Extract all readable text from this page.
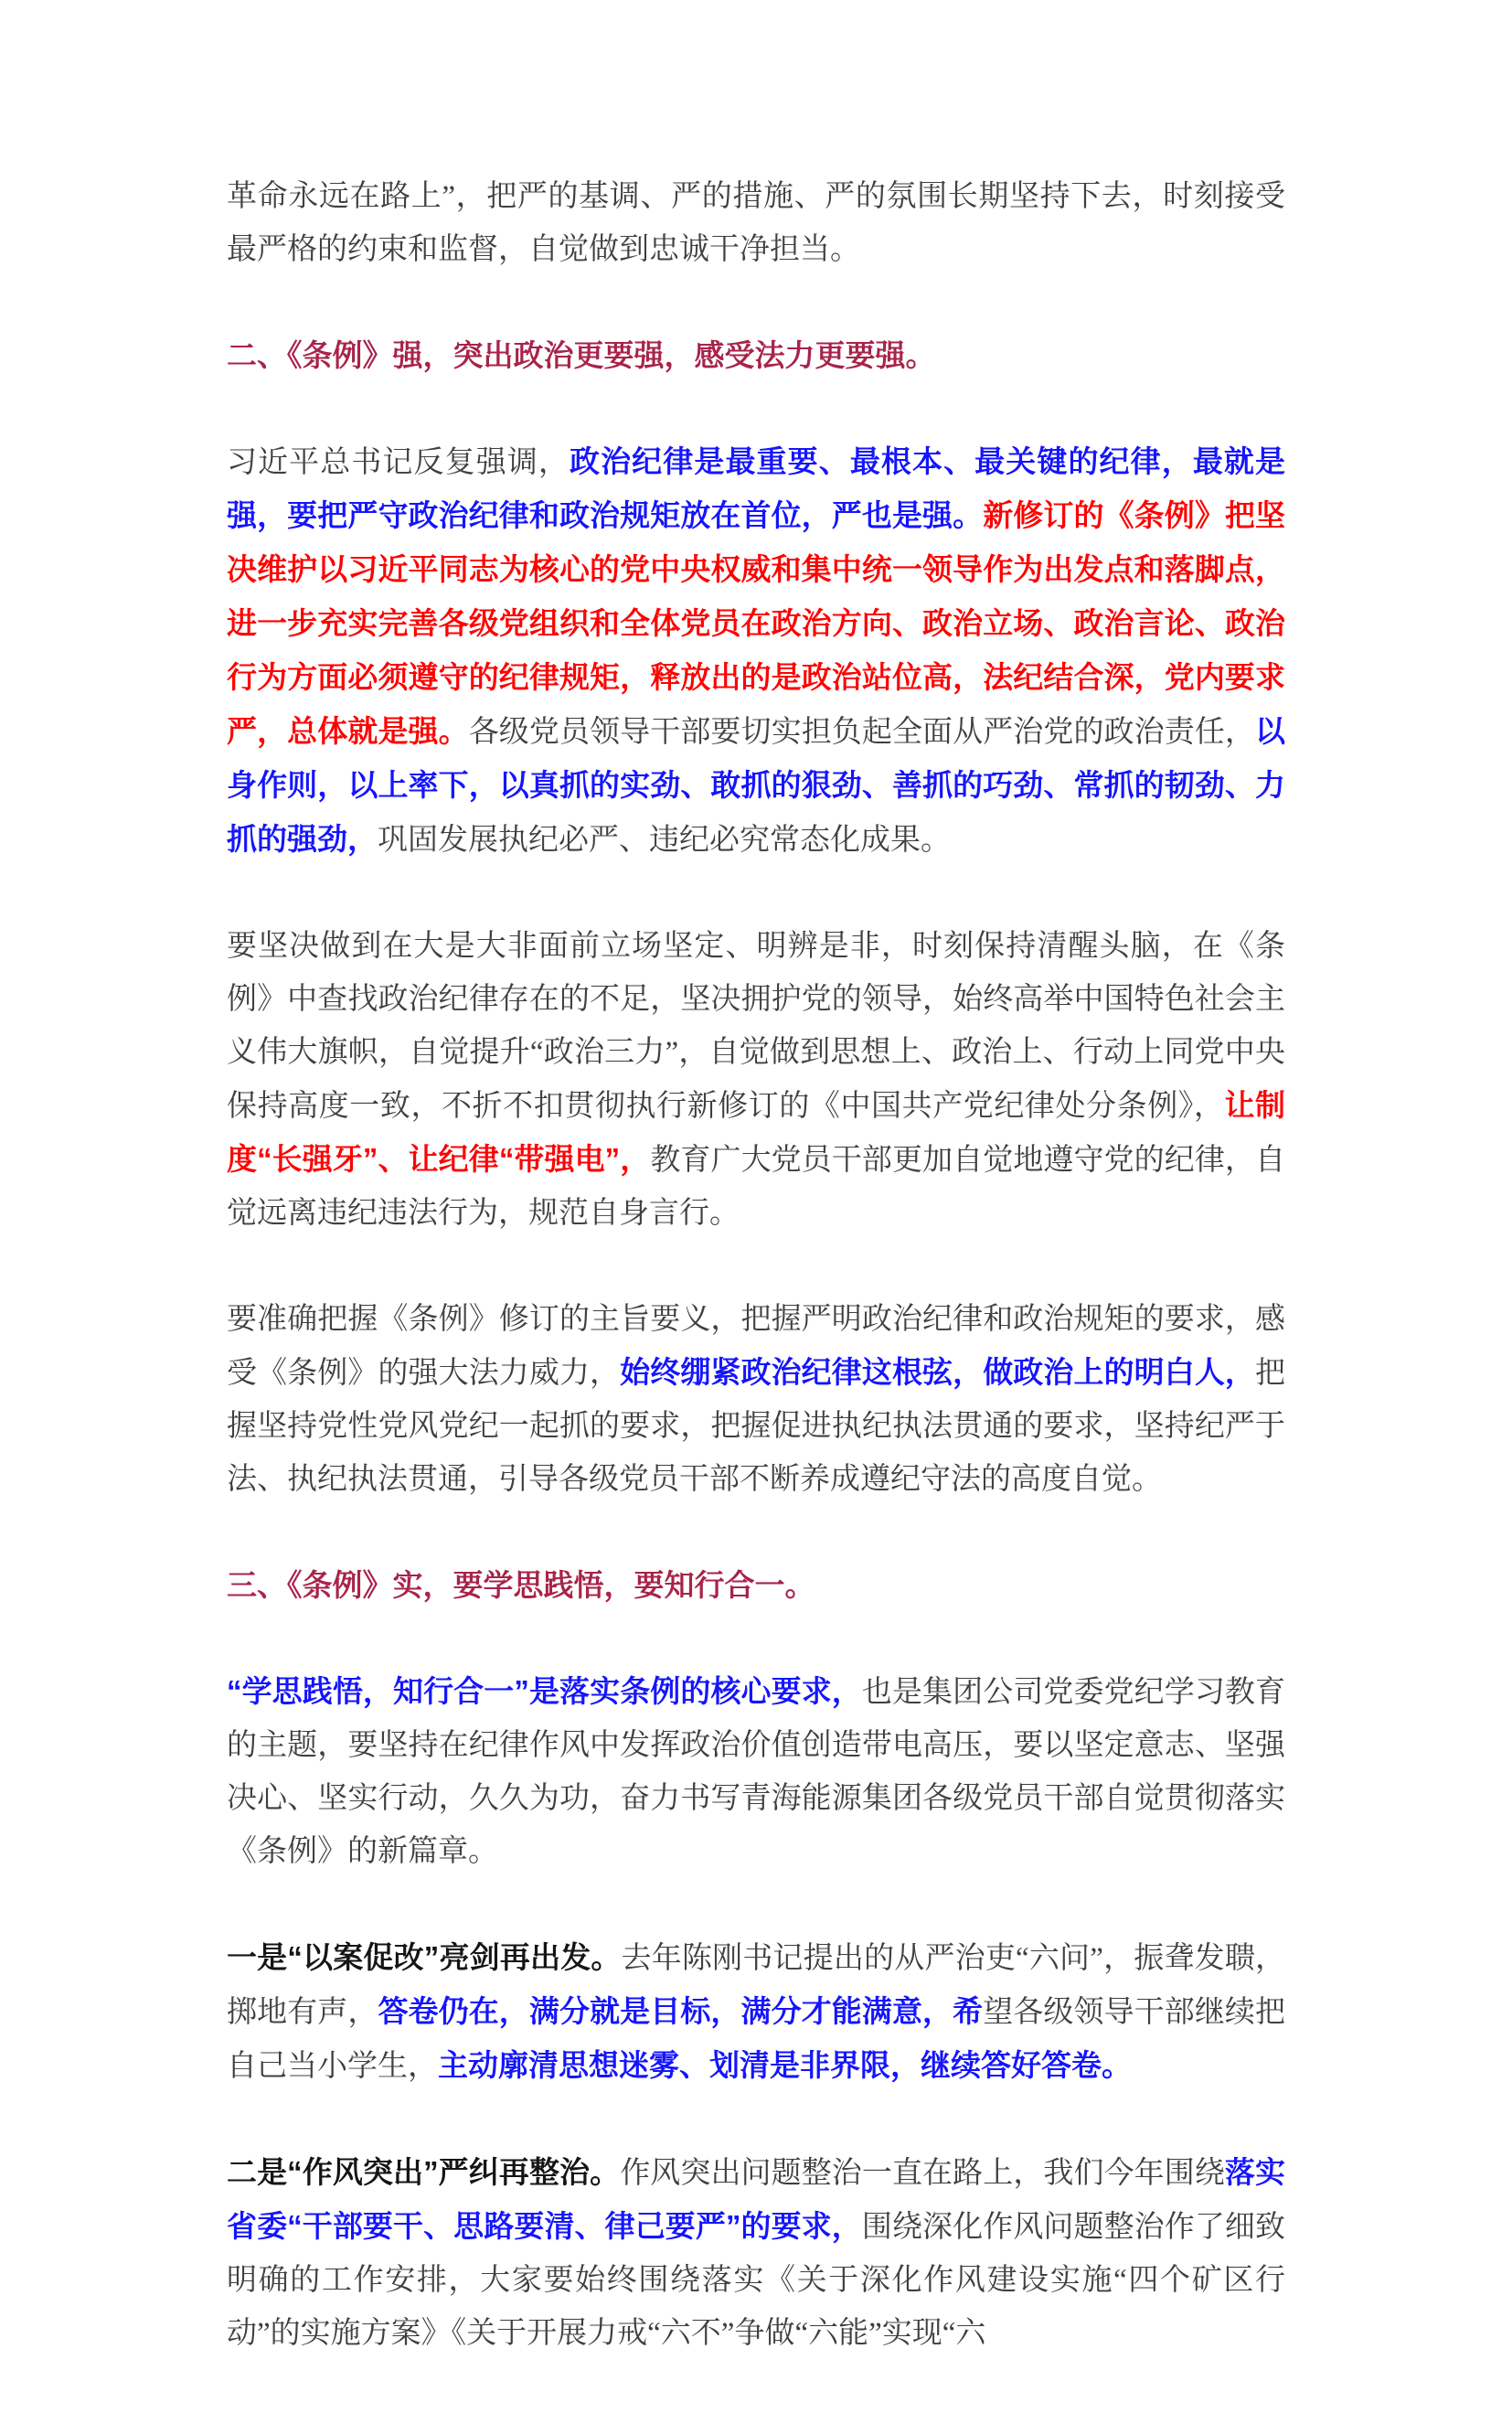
革命永远在路上”，把严的基调、严的措施、严的氛围长期坚持下去，时刻接受最严格的约束和监督，自觉做到忠诚干净担当。

二、《条例》强，突出政治更要强，感受法力更要强。

习近平总书记反复强调，政治纪律是最重要、最根本、最关键的纪律，最就是强，要把严守政治纪律和政治规矩放在首位，严也是强。新修订的《条例》把坚决维护以习近平同志为核心的党中央权威和集中统一领导作为出发点和落脚点，进一步充实完善各级党组织和全体党员在政治方向、政治立场、政治言论、政治行为方面必须遵守的纪律规矩，释放出的是政治站位高，法纪结合深，党内要求严，总体就是强。各级党员领导干部要切实担负起全面从严治党的政治责任，以身作则，以上率下，以真抓的实劲、敢抓的狠劲、善抓的巧劲、常抓的韧劲、力抓的强劲，巩固发展执纪必严、违纪必究常态化成果。

要坚决做到在大是大非面前立场坚定、明辨是非，时刻保持清醒头脑，在《条例》中查找政治纪律存在的不足，坚决拥护党的领导，始终高举中国特色社会主义伟大旗帜，自觉提升“政治三力”，自觉做到思想上、政治上、行动上同党中央保持高度一致，不折不扣贯彻执行新修订的《中国共产党纪律处分条例》，让制度“长强牙”、让纪律“带强电”，教育广大党员干部更加自觉地遵守党的纪律，自觉远离违纪违法行为，规范自身言行。

要准确把握《条例》修订的主旨要义，把握严明政治纪律和政治规矩的要求，感受《条例》的强大法力威力，始终绷紧政治纪律这根弦，做政治上的明白人，把握坚持党性党风党纪一起抓的要求，把握促进执纪执法贯通的要求，坚持纪严于法、执纪执法贯通，引导各级党员干部不断养成遵纪守法的高度自觉。

三、《条例》实，要学思践悟，要知行合一。

“学思践悟，知行合一”是落实条例的核心要求，也是集团公司党委党纪学习教育的主题，要坚持在纪律作风中发挥政治价值创造带电高压，要以坚定意志、坚强决心、坚实行动，久久为功，奋力书写青海能源集团各级党员干部自觉贯彻落实《条例》的新篇章。

一是“以案促改”亮剑再出发。去年陈刚书记提出的从严治吏“六问”，振聋发聩，掷地有声，答卷仍在，满分就是目标，满分才能满意，希望各级领导干部继续把自己当小学生，主动廓清思想迷雾、划清是非界限，继续答好答卷。

二是“作风突出”严纠再整治。作风突出问题整治一直在路上，我们今年围绕落实省委“干部要干、思路要清、律己要严”的要求，围绕深化作风问题整治作了细致明确的工作安排，大家要始终围绕落实《关于深化作风建设实施“四个矿区行动”的实施方案》《关于开展力戒“六不”争做“六能”实现“六
